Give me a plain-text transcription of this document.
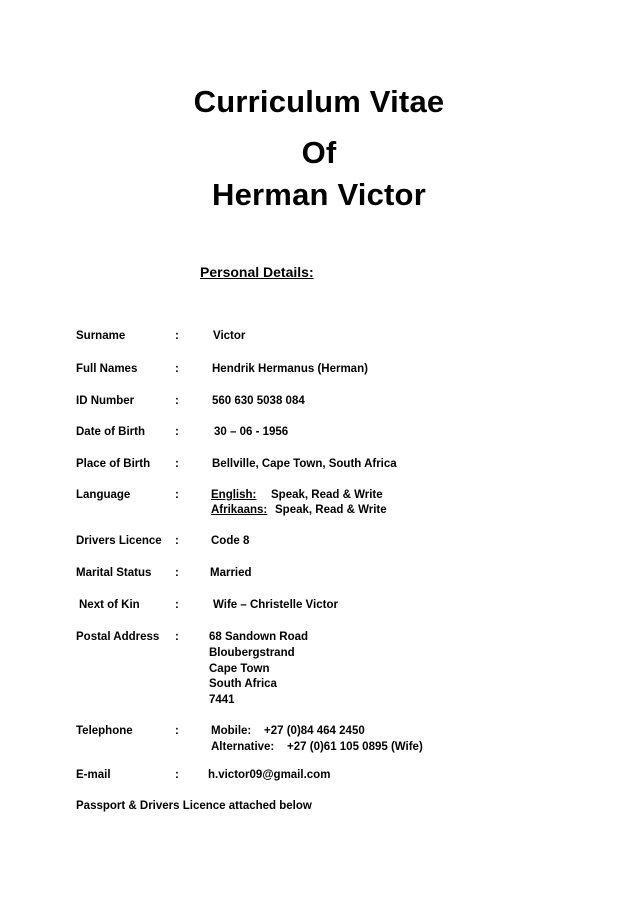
Curriculum Vitae
Of
Herman Victor
Personal Details:
Surname	:	Victor
Full Names	:	Hendrik Hermanus (Herman)
ID Number	:	560 630 5038 084
Date of Birth	:	30 – 06 - 1956
Place of Birth :	Bellville, Cape Town, South Africa
Language	:	English: Speak, Read & Write
Afrikaans: Speak, Read & Write
Drivers Licence :	Code 8
Marital Status :	Married
Next of Kin	:	Wife – Christelle Victor
Postal Address :	68 Sandown Road
Bloubergstrand
Cape Town
South Africa
7441
Telephone	:	Mobile:    +27 (0)84 464 2450
Alternative:    +27 (0)61 105 0895 (Wife)
E-mail	:	h.victor09@gmail.com
Passport & Drivers Licence attached below
